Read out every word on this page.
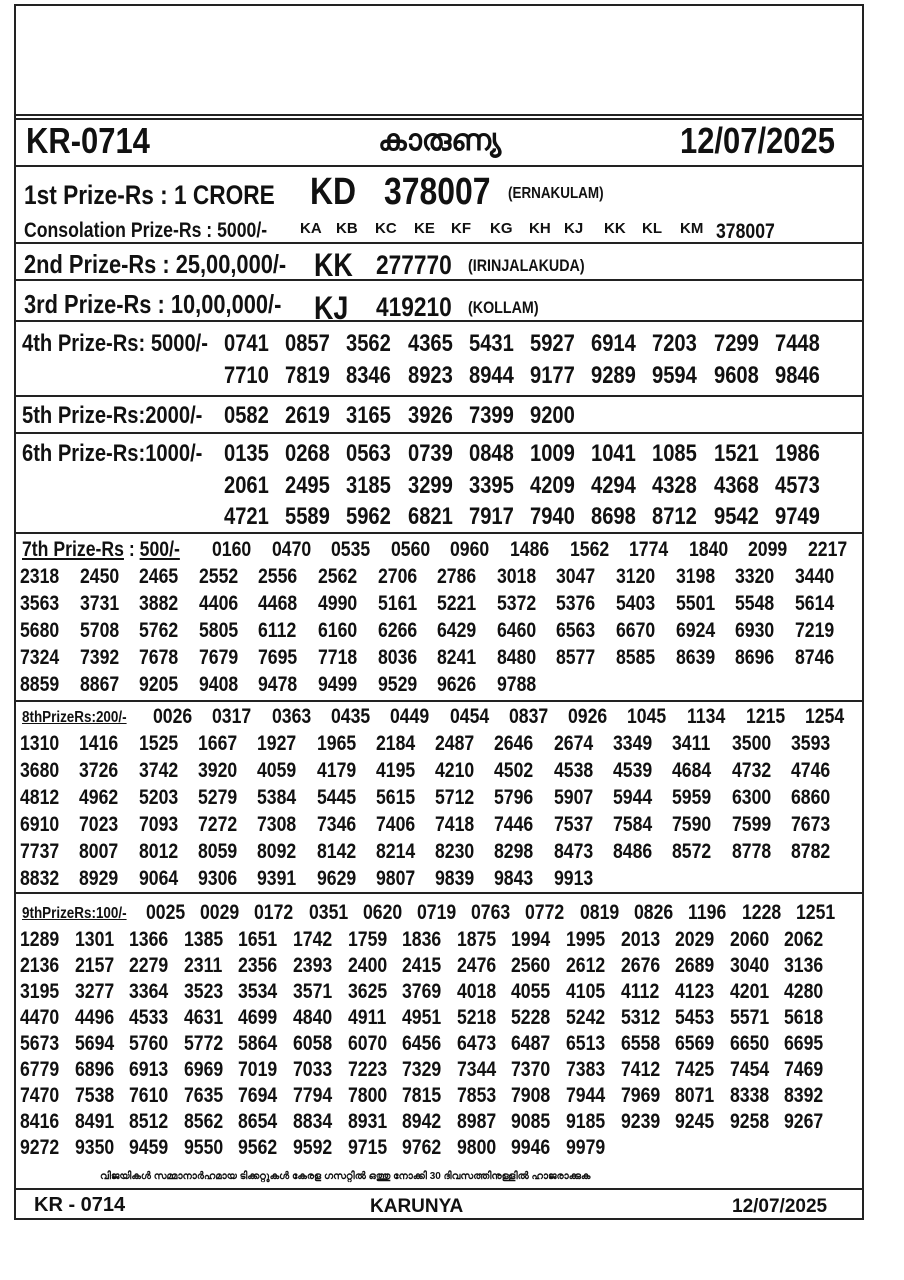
KR-0714	കാരുണ്യ	12/07/2025
1st Prize-Rs : 1 CRORE KD 378007 (ERNAKULAM)
Consolation Prize-Rs : 5000/- KA KB KC KE KF KG KH KJ KK KL KM 378007
2nd Prize-Rs : 25,00,000/- KK 277770 (IRINJALAKUDA)
3rd Prize-Rs : 10,00,000/- KJ 419210 (KOLLAM)
4th Prize-Rs: 5000/- 0741 0857 3562 4365 5431 5927 6914 7203 7299 7448
7710 7819 8346 8923 8944 9177 9289 9594 9608 9846
5th Prize-Rs:2000/- 0582 2619 3165 3926 7399 9200
6th Prize-Rs:1000/- 0135 0268 0563 0739 0848 1009 1041 1085 1521 1986
2061 2495 3185 3299 3395 4209 4294 4328 4368 4573
4721 5589 5962 6821 7917 7940 8698 8712 9542 9749
7th Prize-Rs : 500/- 0160 0470 0535 0560 0960 1486 1562 1774 1840 2099 2217
2318 2450 2465 2552 2556 2562 2706 2786 3018 3047 3120 3198 3320 3440
3563 3731 3882 4406 4468 4990 5161 5221 5372 5376 5403 5501 5548 5614
5680 5708 5762 5805 6112 6160 6266 6429 6460 6563 6670 6924 6930 7219
7324 7392 7678 7679 7695 7718 8036 8241 8480 8577 8585 8639 8696 8746
8859 8867 9205 9408 9478 9499 9529 9626 9788
8thPrizeRs:200/- 0026 0317 0363 0435 0449 0454 0837 0926 1045 1134 1215 1254
1310 1416 1525 1667 1927 1965 2184 2487 2646 2674 3349 3411 3500 3593
3680 3726 3742 3920 4059 4179 4195 4210 4502 4538 4539 4684 4732 4746
4812 4962 5203 5279 5384 5445 5615 5712 5796 5907 5944 5959 6300 6860
6910 7023 7093 7272 7308 7346 7406 7418 7446 7537 7584 7590 7599 7673
7737 8007 8012 8059 8092 8142 8214 8230 8298 8473 8486 8572 8778 8782
8832 8929 9064 9306 9391 9629 9807 9839 9843 9913
9thPrizeRs:100/- 0025 0029 0172 0351 0620 0719 0763 0772 0819 0826 1196 1228 1251
1289 1301 1366 1385 1651 1742 1759 1836 1875 1994 1995 2013 2029 2060 2062
2136 2157 2279 2311 2356 2393 2400 2415 2476 2560 2612 2676 2689 3040 3136
3195 3277 3364 3523 3534 3571 3625 3769 4018 4055 4105 4112 4123 4201 4280
4470 4496 4533 4631 4699 4840 4911 4951 5218 5228 5242 5312 5453 5571 5618
5673 5694 5760 5772 5864 6058 6070 6456 6473 6487 6513 6558 6569 6650 6695
6779 6896 6913 6969 7019 7033 7223 7329 7344 7370 7383 7412 7425 7454 7469
7470 7538 7610 7635 7694 7794 7800 7815 7853 7908 7944 7969 8071 8338 8392
8416 8491 8512 8562 8654 8834 8931 8942 8987 9085 9185 9239 9245 9258 9267
9272 9350 9459 9550 9562 9592 9715 9762 9800 9946 9979
വിജയികൾ സമ്മാനാർഹമായ ടിക്കറ്റുകൾ കേരള ഗസറ്റിൽ ഒത്തു നോക്കി 30 ദിവസത്തിനുള്ളിൽ ഹാജരാക്കുക
KR - 0714	KARUNYA	12/07/2025
